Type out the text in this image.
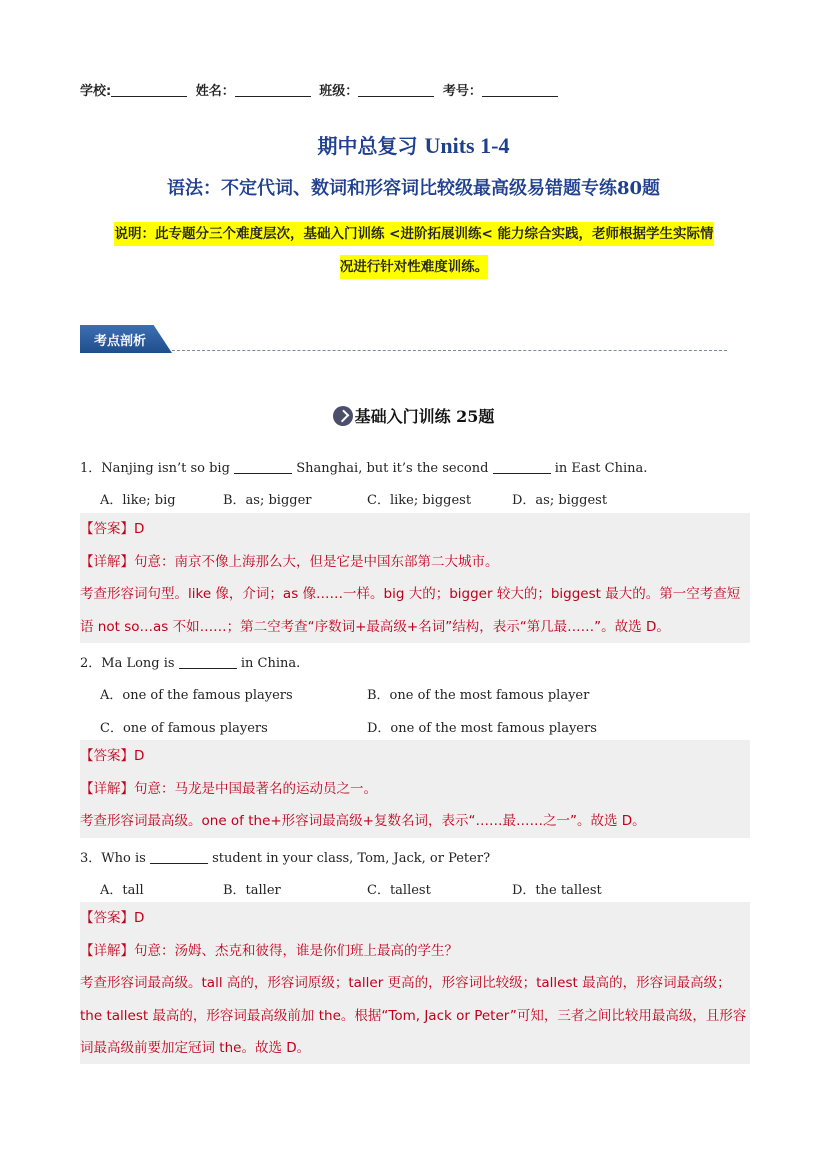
学校:	姓名：	班级：	考号：
期中总复习 Units 1-4
语法：不定代词、数词和形容词比较级最高级易错题专练80题
说明：此专题分三个难度层次，基础入门训练 <进阶拓展训练< 能力综合实践，老师根据学生实际情
况进行针对性难度训练。
考点剖析
基础入门训练 25题
1．Nanjing isn’t so big	Shanghai, but it’s the second	in East China.
A．like; big	B．as; bigger	C．like; biggest	D．as; biggest
【答案】D
【详解】句意：南京不像上海那么大，但是它是中国东部第二大城市。
考查形容词句型。like 像，介词；as 像……一样。big 大的；bigger 较大的；biggest 最大的。第一空考查短
语 not so…as 不如……；第二空考查“序数词+最高级+名词”结构，表示“第几最……”。故选 D。
2．Ma Long is	in China.
A．one of the famous players	B．one of the most famous player
C．one of famous players	D．one of the most famous players
【答案】D
【详解】句意：马龙是中国最著名的运动员之一。
考查形容词最高级。one of the+形容词最高级+复数名词，表示“……最……之一”。故选 D。
3．Who is	student in your class, Tom, Jack, or Peter?
A．tall	B．taller	C．tallest	D．the tallest
【答案】D
【详解】句意：汤姆、杰克和彼得，谁是你们班上最高的学生？
考查形容词最高级。tall 高的，形容词原级；taller 更高的，形容词比较级；tallest 最高的，形容词最高级；
the tallest 最高的，形容词最高级前加 the。根据“Tom, Jack or Peter”可知，三者之间比较用最高级，且形容
词最高级前要加定冠词 the。故选 D。
